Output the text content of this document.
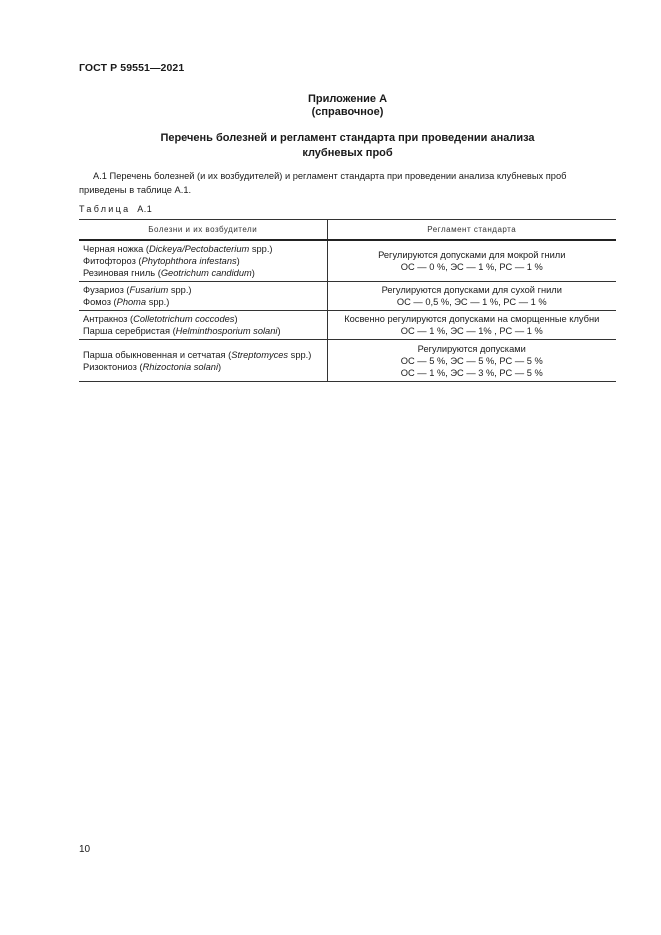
ГОСТ Р 59551—2021
Приложение А
(справочное)
Перечень болезней и регламент стандарта при проведении анализа
клубневых проб
А.1 Перечень болезней (и их возбудителей) и регламент стандарта при проведении анализа клубневых проб
приведены в таблице А.1.
Таблица А.1
Болезни и их возбудители	Регламент стандарта

Черная ножка (Dickeya/Pectobacterium spp.)
Фитофтороз (Phytophthora infestans)
Резиновая гниль (Geotrichum candidum)	Регулируются допусками для мокрой гнили
ОС — 0 %, ЭС — 1 %, РС — 1 %

Фузариоз (Fusarium spp.)
Фомоз (Phoma spp.)	Регулируются допусками для сухой гнили
ОС — 0,5 %, ЭС — 1 %, РС — 1 %

Антракноз (Colletotrichum coccodes)
Парша серебристая (Helminthosporium solani)	Косвенно регулируются допусками на сморщенные клубни
ОС — 1 %, ЭС — 1% , РС — 1 %

Парша обыкновенная и сетчатая (Streptomyces spp.)
Ризоктониоз (Rhizoctonia solani)	Регулируются допусками
ОС — 5 %, ЭС — 5 %, РС — 5 %
ОС — 1 %, ЭС — 3 %, РС — 5 %
10
